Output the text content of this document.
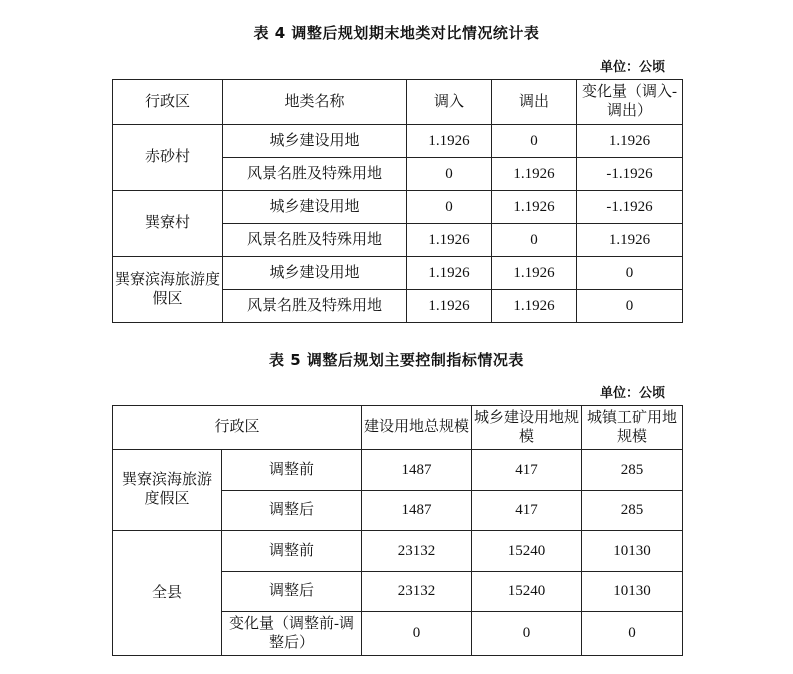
表 4 调整后规划期末地类对比情况统计表
单位：公顷
行政区	地类名称	调入	调出	变化量（调入-调出）
赤砂村	城乡建设用地	1.1926	0	1.1926
	风景名胜及特殊用地	0	1.1926	-1.1926
巽寮村	城乡建设用地	0	1.1926	-1.1926
	风景名胜及特殊用地	1.1926	0	1.1926
巽寮滨海旅游度假区	城乡建设用地	1.1926	1.1926	0
	风景名胜及特殊用地	1.1926	1.1926	0
表 5 调整后规划主要控制指标情况表
单位：公顷
行政区		建设用地总规模	城乡建设用地规模	城镇工矿用地规模
巽寮滨海旅游度假区	调整前	1487	417	285
	调整后	1487	417	285
全县	调整前	23132	15240	10130
	调整后	23132	15240	10130
	变化量（调整前-调整后）	0	0	0
